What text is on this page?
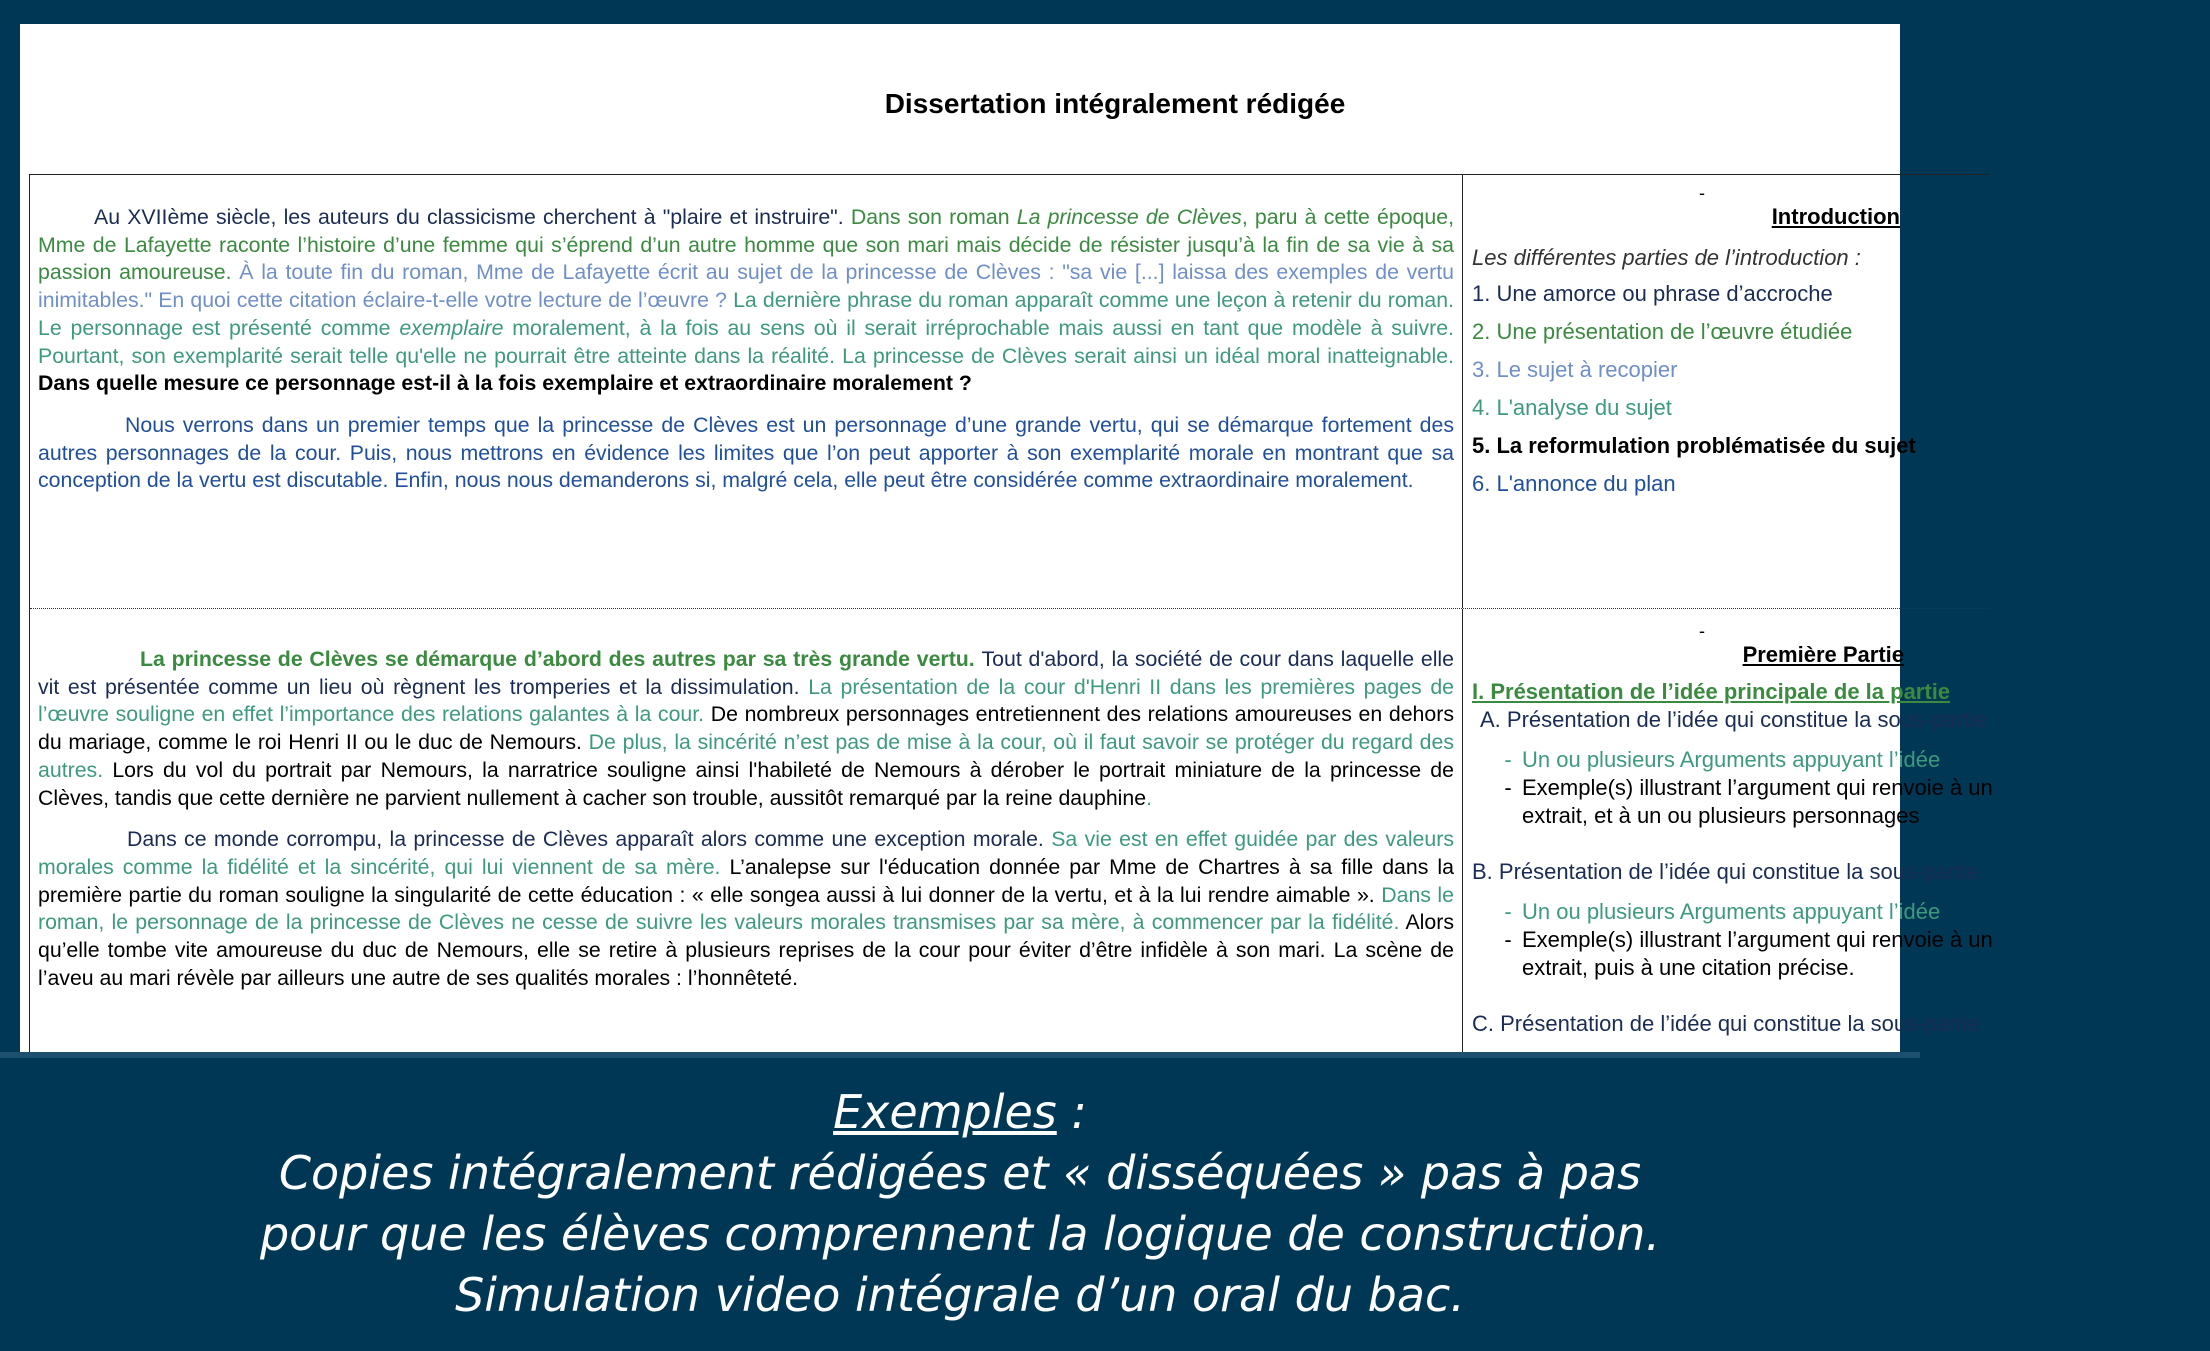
Dissertation intégralement rédigée

Au XVIIème siècle, les auteurs du classicisme cherchent à "plaire et instruire". Dans son roman La princesse de Clèves, paru à cette époque, Mme de Lafayette raconte l’histoire d’une femme qui s’éprend d’un autre homme que son mari mais décide de résister jusqu’à la fin de sa vie à sa passion amoureuse. À la toute fin du roman, Mme de Lafayette écrit au sujet de la princesse de Clèves : "sa vie [...] laissa des exemples de vertu inimitables." En quoi cette citation éclaire-t-elle votre lecture de l’œuvre ? La dernière phrase du roman apparaît comme une leçon à retenir du roman. Le personnage est présenté comme exemplaire moralement, à la fois au sens où il serait irréprochable mais aussi en tant que modèle à suivre. Pourtant, son exemplarité serait telle qu'elle ne pourrait être atteinte dans la réalité. La princesse de Clèves serait ainsi un idéal moral inatteignable. Dans quelle mesure ce personnage est-il à la fois exemplaire et extraordinaire moralement ?

Nous verrons dans un premier temps que la princesse de Clèves est un personnage d’une grande vertu, qui se démarque fortement des autres personnages de la cour. Puis, nous mettrons en évidence les limites que l’on peut apporter à son exemplarité morale en montrant que sa conception de la vertu est discutable. Enfin, nous nous demanderons si, malgré cela, elle peut être considérée comme extraordinaire moralement.

-

Introduction

Les différentes parties de l’introduction :

1. Une amorce ou phrase d’accroche

2. Une présentation de l’œuvre étudiée

3. Le sujet à recopier

4. L'analyse du sujet

5. La reformulation problématisée du sujet

6. L'annonce du plan

La princesse de Clèves se démarque d’abord des autres par sa très grande vertu. Tout d'abord, la société de cour dans laquelle elle vit est présentée comme un lieu où règnent les tromperies et la dissimulation. La présentation de la cour d'Henri II dans les premières pages de l’œuvre souligne en effet l’importance des relations galantes à la cour. De nombreux personnages entretiennent des relations amoureuses en dehors du mariage, comme le roi Henri II ou le duc de Nemours. De plus, la sincérité n’est pas de mise à la cour, où il faut savoir se protéger du regard des autres. Lors du vol du portrait par Nemours, la narratrice souligne ainsi l'habileté de Nemours à dérober le portrait miniature de la princesse de Clèves, tandis que cette dernière ne parvient nullement à cacher son trouble, aussitôt remarqué par la reine dauphine.

Dans ce monde corrompu, la princesse de Clèves apparaît alors comme une exception morale. Sa vie est en effet guidée par des valeurs morales comme la fidélité et la sincérité, qui lui viennent de sa mère. L’analepse sur l'éducation donnée par Mme de Chartres à sa fille dans la première partie du roman souligne la singularité de cette éducation : « elle songea aussi à lui donner de la vertu, et à la lui rendre aimable ». Dans le roman, le personnage de la princesse de Clèves ne cesse de suivre les valeurs morales transmises par sa mère, à commencer par la fidélité. Alors qu’elle tombe vite amoureuse du duc de Nemours, elle se retire à plusieurs reprises de la cour pour éviter d’être infidèle à son mari. La scène de l’aveu au mari révèle par ailleurs une autre de ses qualités morales : l’honnêteté.

-

Première Partie

I. Présentation de l’idée principale de la partie

A. Présentation de l’idée qui constitue la sous-partie

- Un ou plusieurs Arguments appuyant l’idée
- Exemple(s) illustrant l’argument qui renvoie à un
extrait, et à un ou plusieurs personnages

B. Présentation de l’idée qui constitue la sous-partie

- Un ou plusieurs Arguments appuyant l’idée
- Exemple(s) illustrant l’argument qui renvoie à un
extrait, puis à une citation précise.

C. Présentation de l’idée qui constitue la sous-partie

Exemples :
Copies intégralement rédigées et « disséquées » pas à pas
pour que les élèves comprennent la logique de construction.
Simulation video intégrale d’un oral du bac.
